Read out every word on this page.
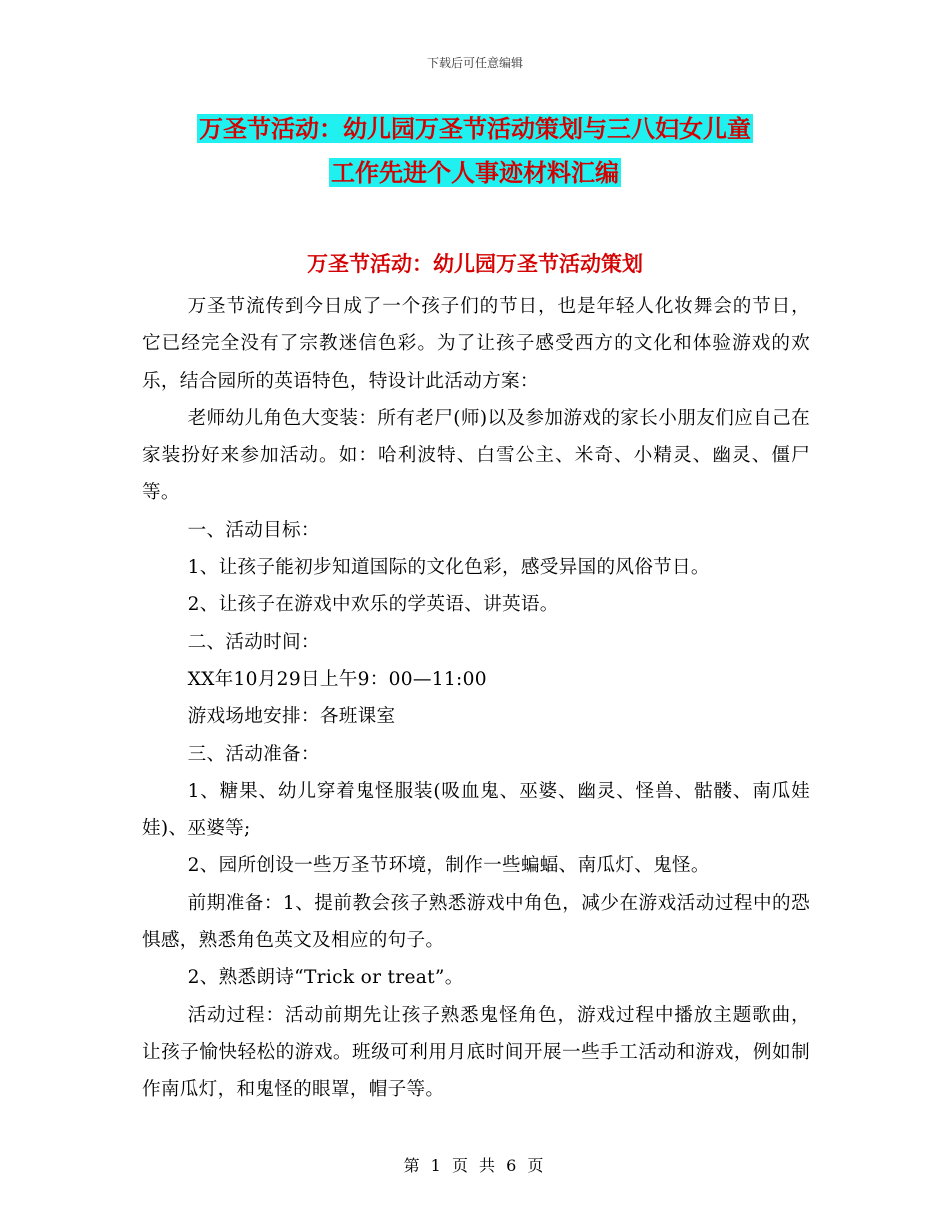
下载后可任意编辑
万圣节活动：幼儿园万圣节活动策划与三八妇女儿童
工作先进个人事迹材料汇编
万圣节活动：幼儿园万圣节活动策划

万圣节流传到今日成了一个孩子们的节日，也是年轻人化妆舞会的节日，它已经完全没有了宗教迷信色彩。为了让孩子感受西方的文化和体验游戏的欢乐，结合园所的英语特色，特设计此活动方案：

老师幼儿角色大变装：所有老尸(师)以及参加游戏的家长小朋友们应自己在家装扮好来参加活动。如：哈利波特、白雪公主、米奇、小精灵、幽灵、僵尸等。

一、活动目标：

1、让孩子能初步知道国际的文化色彩，感受异国的风俗节日。

2、让孩子在游戏中欢乐的学英语、讲英语。

二、活动时间：

XX年10月29日上午9：00—11:00

游戏场地安排：各班课室

三、活动准备：

1、糖果、幼儿穿着鬼怪服装(吸血鬼、巫婆、幽灵、怪兽、骷髅、南瓜娃娃)、巫婆等;

2、园所创设一些万圣节环境，制作一些蝙蝠、南瓜灯、鬼怪。

前期准备：1、提前教会孩子熟悉游戏中角色，减少在游戏活动过程中的恐惧感，熟悉角色英文及相应的句子。

2、熟悉朗诗“Trick or treat”。

活动过程：活动前期先让孩子熟悉鬼怪角色，游戏过程中播放主题歌曲，让孩子愉快轻松的游戏。班级可利用月底时间开展一些手工活动和游戏，例如制作南瓜灯，和鬼怪的眼罩，帽子等。

第 1 页 共 6 页
